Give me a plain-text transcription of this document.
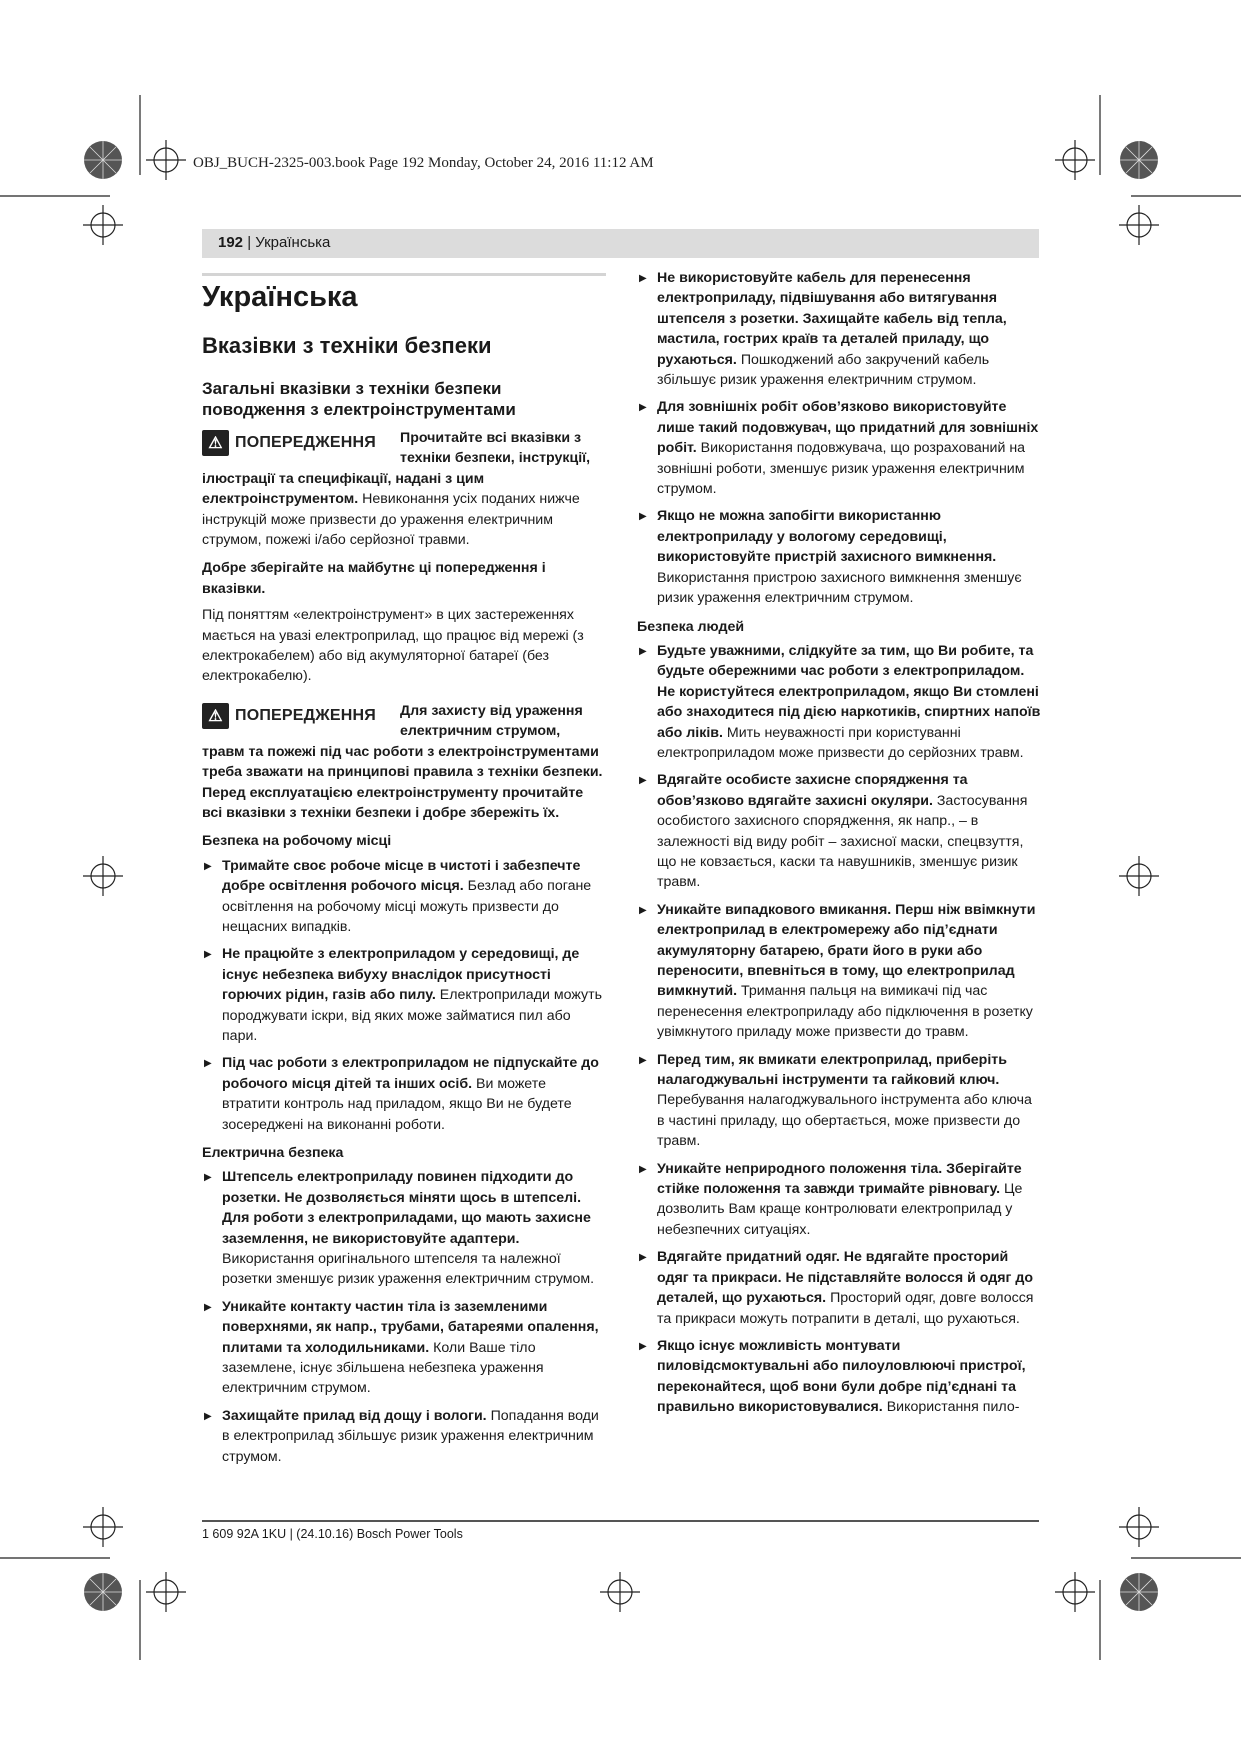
OBJ_BUCH-2325-003.book Page 192 Monday, October 24, 2016 11:12 AM
192 | Українська
Українська
Вказівки з техніки безпеки
Загальні вказівки з техніки безпеки поводження з електроінструментами
⚠ ПОПЕРЕДЖЕННЯ	Прочитайте всі вказівки з техніки безпеки, інструкції, ілюстрації та специфікації, надані з цим електроінструментом. Невиконання усіх поданих нижче інструкцій може призвести до ураження електричним струмом, пожежі і/або серйозної травми.

Добре зберігайте на майбутнє ці попередження і вказівки.

Під поняттям «електроінструмент» в цих застереженнях мається на увазі електроприлад, що працює від мережі (з електрокабелем) або від акумуляторної батареї (без електрокабелю).

⚠ ПОПЕРЕДЖЕННЯ	Для захисту від ураження електричним струмом, травм та пожежі під час роботи з електроінструментами треба зважати на принципові правила з техніки безпеки.
Перед експлуатацією електроінструменту прочитайте всі вказівки з техніки безпеки і добре збережіть їх.
Безпека на робочому місці
▶ Тримайте своє робоче місце в чистоті і забезпечте добре освітлення робочого місця. Безлад або погане освітлення на робочому місці можуть призвести до нещасних випадків.
▶ Не працюйте з електроприладом у середовищі, де існує небезпека вибуху внаслідок присутності горючих рідин, газів або пилу. Електроприлади можуть породжувати іскри, від яких може займатися пил або пари.
▶ Під час роботи з електроприладом не підпускайте до робочого місця дітей та інших осіб. Ви можете втратити контроль над приладом, якщо Ви не будете зосереджені на виконанні роботи.
Електрична безпека
▶ Штепсель електроприладу повинен підходити до розетки. Не дозволяється міняти щось в штепселі. Для роботи з електроприладами, що мають захисне заземлення, не використовуйте адаптери. Використання оригінального штепселя та належної розетки зменшує ризик ураження електричним струмом.
▶ Уникайте контакту частин тіла із заземленими поверхнями, як напр., трубами, батареями опалення, плитами та холодильниками. Коли Ваше тіло заземлене, існує збільшена небезпека ураження електричним струмом.
▶ Захищайте прилад від дощу і вологи. Попадання води в електроприлад збільшує ризик ураження електричним струмом.
▶ Не використовуйте кабель для перенесення електроприладу, підвішування або витягування штепселя з розетки. Захищайте кабель від тепла, мастила, гострих країв та деталей приладу, що рухаються. Пошкоджений або закручений кабель збільшує ризик ураження електричним струмом.
▶ Для зовнішніх робіт обов’язково використовуйте лише такий подовжувач, що придатний для зовнішніх робіт. Використання подовжувача, що розрахований на зовнішні роботи, зменшує ризик ураження електричним струмом.
▶ Якщо не можна запобігти використанню електроприладу у вологому середовищі, використовуйте пристрій захисного вимкнення. Використання пристрою захисного вимкнення зменшує ризик ураження електричним струмом.
Безпека людей
▶ Будьте уважними, слідкуйте за тим, що Ви робите, та будьте обережними час роботи з електроприладом. Не користуйтеся електроприладом, якщо Ви стомлені або знаходитеся під дією наркотиків, спиртних напоїв або ліків. Мить неуважності при користуванні електроприладом може призвести до серйозних травм.
▶ Вдягайте особисте захисне спорядження та обов’язково вдягайте захисні окуляри. Застосування особистого захисного спорядження, як напр., – в залежності від виду робіт – захисної маски, спецвзуття, що не ковзається, каски та навушників, зменшує ризик травм.
▶ Уникайте випадкового вмикання. Перш ніж ввімкнути електроприлад в електромережу або під’єднати акумуляторну батарею, брати його в руки або переносити, впевніться в тому, що електроприлад вимкнутий. Тримання пальця на вимикачі під час перенесення електроприладу або підключення в розетку увімкнутого приладу може призвести до травм.
▶ Перед тим, як вмикати електроприлад, приберіть налагоджувальні інструменти та гайковий ключ. Перебування налагоджувального інструмента або ключа в частині приладу, що обертається, може призвести до травм.
▶ Уникайте неприродного положення тіла. Зберігайте стійке положення та завжди тримайте рівновагу. Це дозволить Вам краще контролювати електроприлад у небезпечних ситуаціях.
▶ Вдягайте придатний одяг. Не вдягайте просторий одяг та прикраси. Не підставляйте волосся й одяг до деталей, що рухаються. Просторий одяг, довге волосся та прикраси можуть потрапити в деталі, що рухаються.
▶ Якщо існує можливість монтувати пиловідсмоктувальні або пилоуловлюючі пристрої, переконайтеся, щоб вони були добре під’єднані та правильно використовувалися. Використання пило-
1 609 92A 1KU | (24.10.16) Bosch Power Tools
